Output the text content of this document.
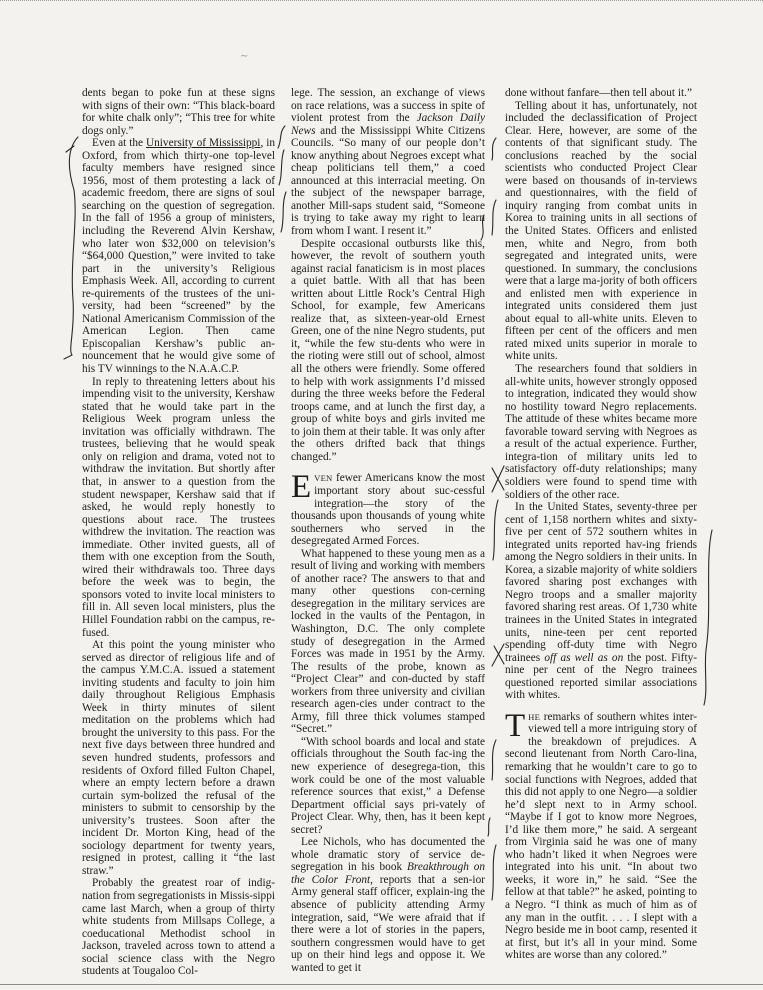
~

dents began to poke fun at these signs with signs of their own: “This black-board for white chalk only”; “This tree for white dogs only.”

Even at the University of Mississippi, in Oxford, from which thirty-one top-level faculty members have resigned since 1956, most of them protesting a lack of academic freedom, there are signs of soul searching on the question of segregation. In the fall of 1956 a group of ministers, including the Reverend Alvin Kershaw, who later won $32,000 on television’s “$64,000 Question,” were invited to take part in the university’s Religious Emphasis Week. All, according to current re-quirements of the trustees of the uni-versity, had been “screened” by the National Americanism Commission of the American Legion. Then came Episcopalian Kershaw’s public an-nouncement that he would give some of his TV winnings to the N.A.A.C.P.

In reply to threatening letters about his impending visit to the university, Kershaw stated that he would take part in the Religious Week program unless the invitation was officially withdrawn. The trustees, believing that he would speak only on religion and drama, voted not to withdraw the invitation. But shortly after that, in answer to a question from the student newspaper, Kershaw said that if asked, he would reply honestly to questions about race. The trustees withdrew the invitation. The reaction was immediate. Other invited guests, all of them with one exception from the South, wired their withdrawals too. Three days before the week was to begin, the sponsors voted to invite local ministers to fill in. All seven local ministers, plus the Hillel Foundation rabbi on the campus, re-fused.

At this point the young minister who served as director of religious life and of the campus Y.M.C.A. issued a statement inviting students and faculty to join him daily throughout Religious Emphasis Week in thirty minutes of silent meditation on the problems which had brought the university to this pass. For the next five days between three hundred and seven hundred students, professors and residents of Oxford filled Fulton Chapel, where an empty lectern before a drawn curtain sym-bolized the refusal of the ministers to submit to censorship by the university’s trustees. Soon after the incident Dr. Morton King, head of the sociology department for twenty years, resigned in protest, calling it “the last straw.”

Probably the greatest roar of indig-nation from segregationists in Missis-sippi came last March, when a group of thirty white students from Millsaps College, a coeducational Methodist school in Jackson, traveled across town to attend a social science class with the Negro students at Tougaloo Col-

lege. The session, an exchange of views on race relations, was a success in spite of violent protest from the Jackson Daily News and the Mississippi White Citizens Councils. “So many of our people don’t know anything about Negroes except what cheap politicians tell them,” a coed announced at this interracial meeting. On the subject of the newspaper barrage, another Mill-saps student said, “Someone is trying to take away my right to learn from whom I want. I resent it.”

Despite occasional outbursts like this, however, the revolt of southern youth against racial fanaticism is in most places a quiet battle. With all that has been written about Little Rock’s Central High School, for example, few Americans realize that, as sixteen-year-old Ernest Green, one of the nine Negro students, put it, “while the few stu-dents who were in the rioting were still out of school, almost all the others were friendly. Some offered to help with work assignments I’d missed during the three weeks before the Federal troops came, and at lunch the first day, a group of white boys and girls invited me to join them at their table. It was only after the others drifted back that things changed.”

EVEN fewer Americans know the most important story about suc-cessful integration—the story of the thousands upon thousands of young white southerners who served in the desegregated Armed Forces.

What happened to these young men as a result of living and working with members of another race? The answers to that and many other questions con-cerning desegregation in the military services are locked in the vaults of the Pentagon, in Washington, D.C. The only complete study of desegregation in the Armed Forces was made in 1951 by the Army. The results of the probe, known as “Project Clear” and con-ducted by staff workers from three university and civilian research agen-cies under contract to the Army, fill three thick volumes stamped “Secret.”

“With school boards and local and state officials throughout the South fac-ing the new experience of desegrega-tion, this work could be one of the most valuable reference sources that exist,” a Defense Department official says pri-vately of Project Clear. Why, then, has it been kept secret?

Lee Nichols, who has documented the whole dramatic story of service de-segregation in his book Breakthrough on the Color Front, reports that a sen-ior Army general staff officer, explain-ing the absence of publicity attending Army integration, said, “We were afraid that if there were a lot of stories in the papers, southern congressmen would have to get up on their hind legs and oppose it. We wanted to get it

done without fanfare—then tell about it.”

Telling about it has, unfortunately, not included the declassification of Project Clear. Here, however, are some of the contents of that significant study. The conclusions reached by the social scientists who conducted Project Clear were based on thousands of in-terviews and questionnaires, with the field of inquiry ranging from combat units in Korea to training units in all sections of the United States. Officers and enlisted men, white and Negro, from both segregated and integrated units, were questioned. In summary, the conclusions were that a large ma-jority of both officers and enlisted men with experience in integrated units considered them just about equal to all-white units. Eleven to fifteen per cent of the officers and men rated mixed units superior in morale to white units.

The researchers found that soldiers in all-white units, however strongly opposed to integration, indicated they would show no hostility toward Negro replacements. The attitude of these whites became more favorable toward serving with Negroes as a result of the actual experience. Further, integra-tion of military units led to satisfactory off-duty relationships; many soldiers were found to spend time with soldiers of the other race.

In the United States, seventy-three per cent of 1,158 northern whites and sixty-five per cent of 572 southern whites in integrated units reported hav-ing friends among the Negro soldiers in their units. In Korea, a sizable majority of white soldiers favored sharing post exchanges with Negro troops and a smaller majority favored sharing rest areas. Of 1,730 white trainees in the United States in integrated units, nine-teen per cent reported spending off-duty time with Negro trainees off as well as on the post. Fifty-nine per cent of the Negro trainees questioned reported similar associations with whites.

THE remarks of southern whites inter-viewed tell a more intriguing story of the breakdown of prejudices. A second lieutenant from North Caro-lina, remarking that he wouldn’t care to go to social functions with Negroes, added that this did not apply to one Negro—a soldier he’d slept next to in Army school. “Maybe if I got to know more Negroes, I’d like them more,” he said. A sergeant from Virginia said he was one of many who hadn’t liked it when Negroes were integrated into his unit. “In about two weeks, it wore in,” he said. “See the fellow at that table?” he asked, pointing to a Negro. “I think as much of him as of any man in the outfit. . . . I slept with a Negro beside me in boot camp, resented it at first, but it’s all in your mind. Some whites are worse than any colored.”
